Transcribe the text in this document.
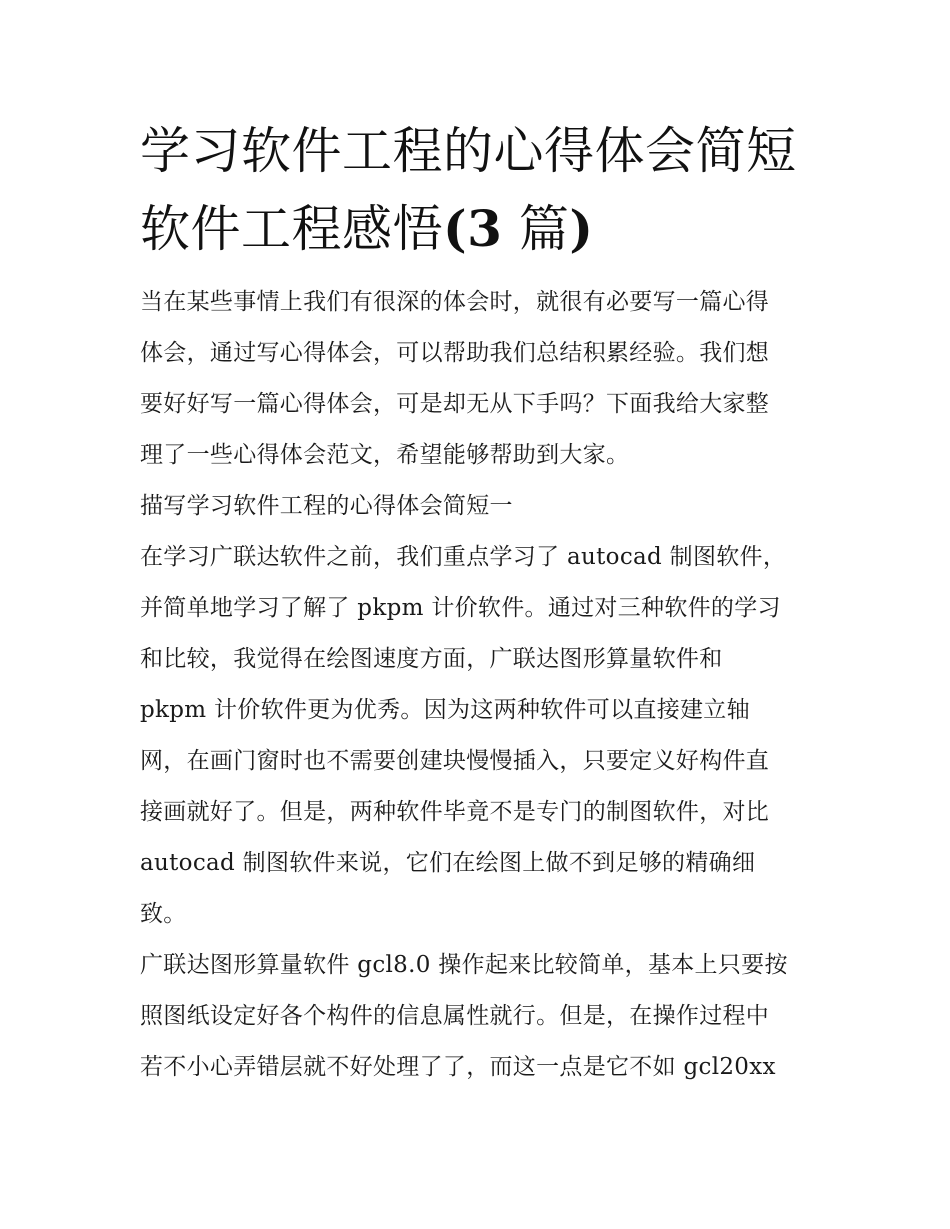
学习软件工程的心得体会简短
软件工程感悟(3 篇)
当在某些事情上我们有很深的体会时，就很有必要写一篇心得
体会，通过写心得体会，可以帮助我们总结积累经验。我们想
要好好写一篇心得体会，可是却无从下手吗？下面我给大家整
理了一些心得体会范文，希望能够帮助到大家。
描写学习软件工程的心得体会简短一
在学习广联达软件之前，我们重点学习了 autocad 制图软件，
并简单地学习了解了 pkpm 计价软件。通过对三种软件的学习
和比较，我觉得在绘图速度方面，广联达图形算量软件和
pkpm 计价软件更为优秀。因为这两种软件可以直接建立轴
网，在画门窗时也不需要创建块慢慢插入，只要定义好构件直
接画就好了。但是，两种软件毕竟不是专门的制图软件，对比
autocad 制图软件来说，它们在绘图上做不到足够的精确细
致。
广联达图形算量软件 gcl8.0 操作起来比较简单，基本上只要按
照图纸设定好各个构件的信息属性就行。但是，在操作过程中
若不小心弄错层就不好处理了了，而这一点是它不如 gcl20xx
